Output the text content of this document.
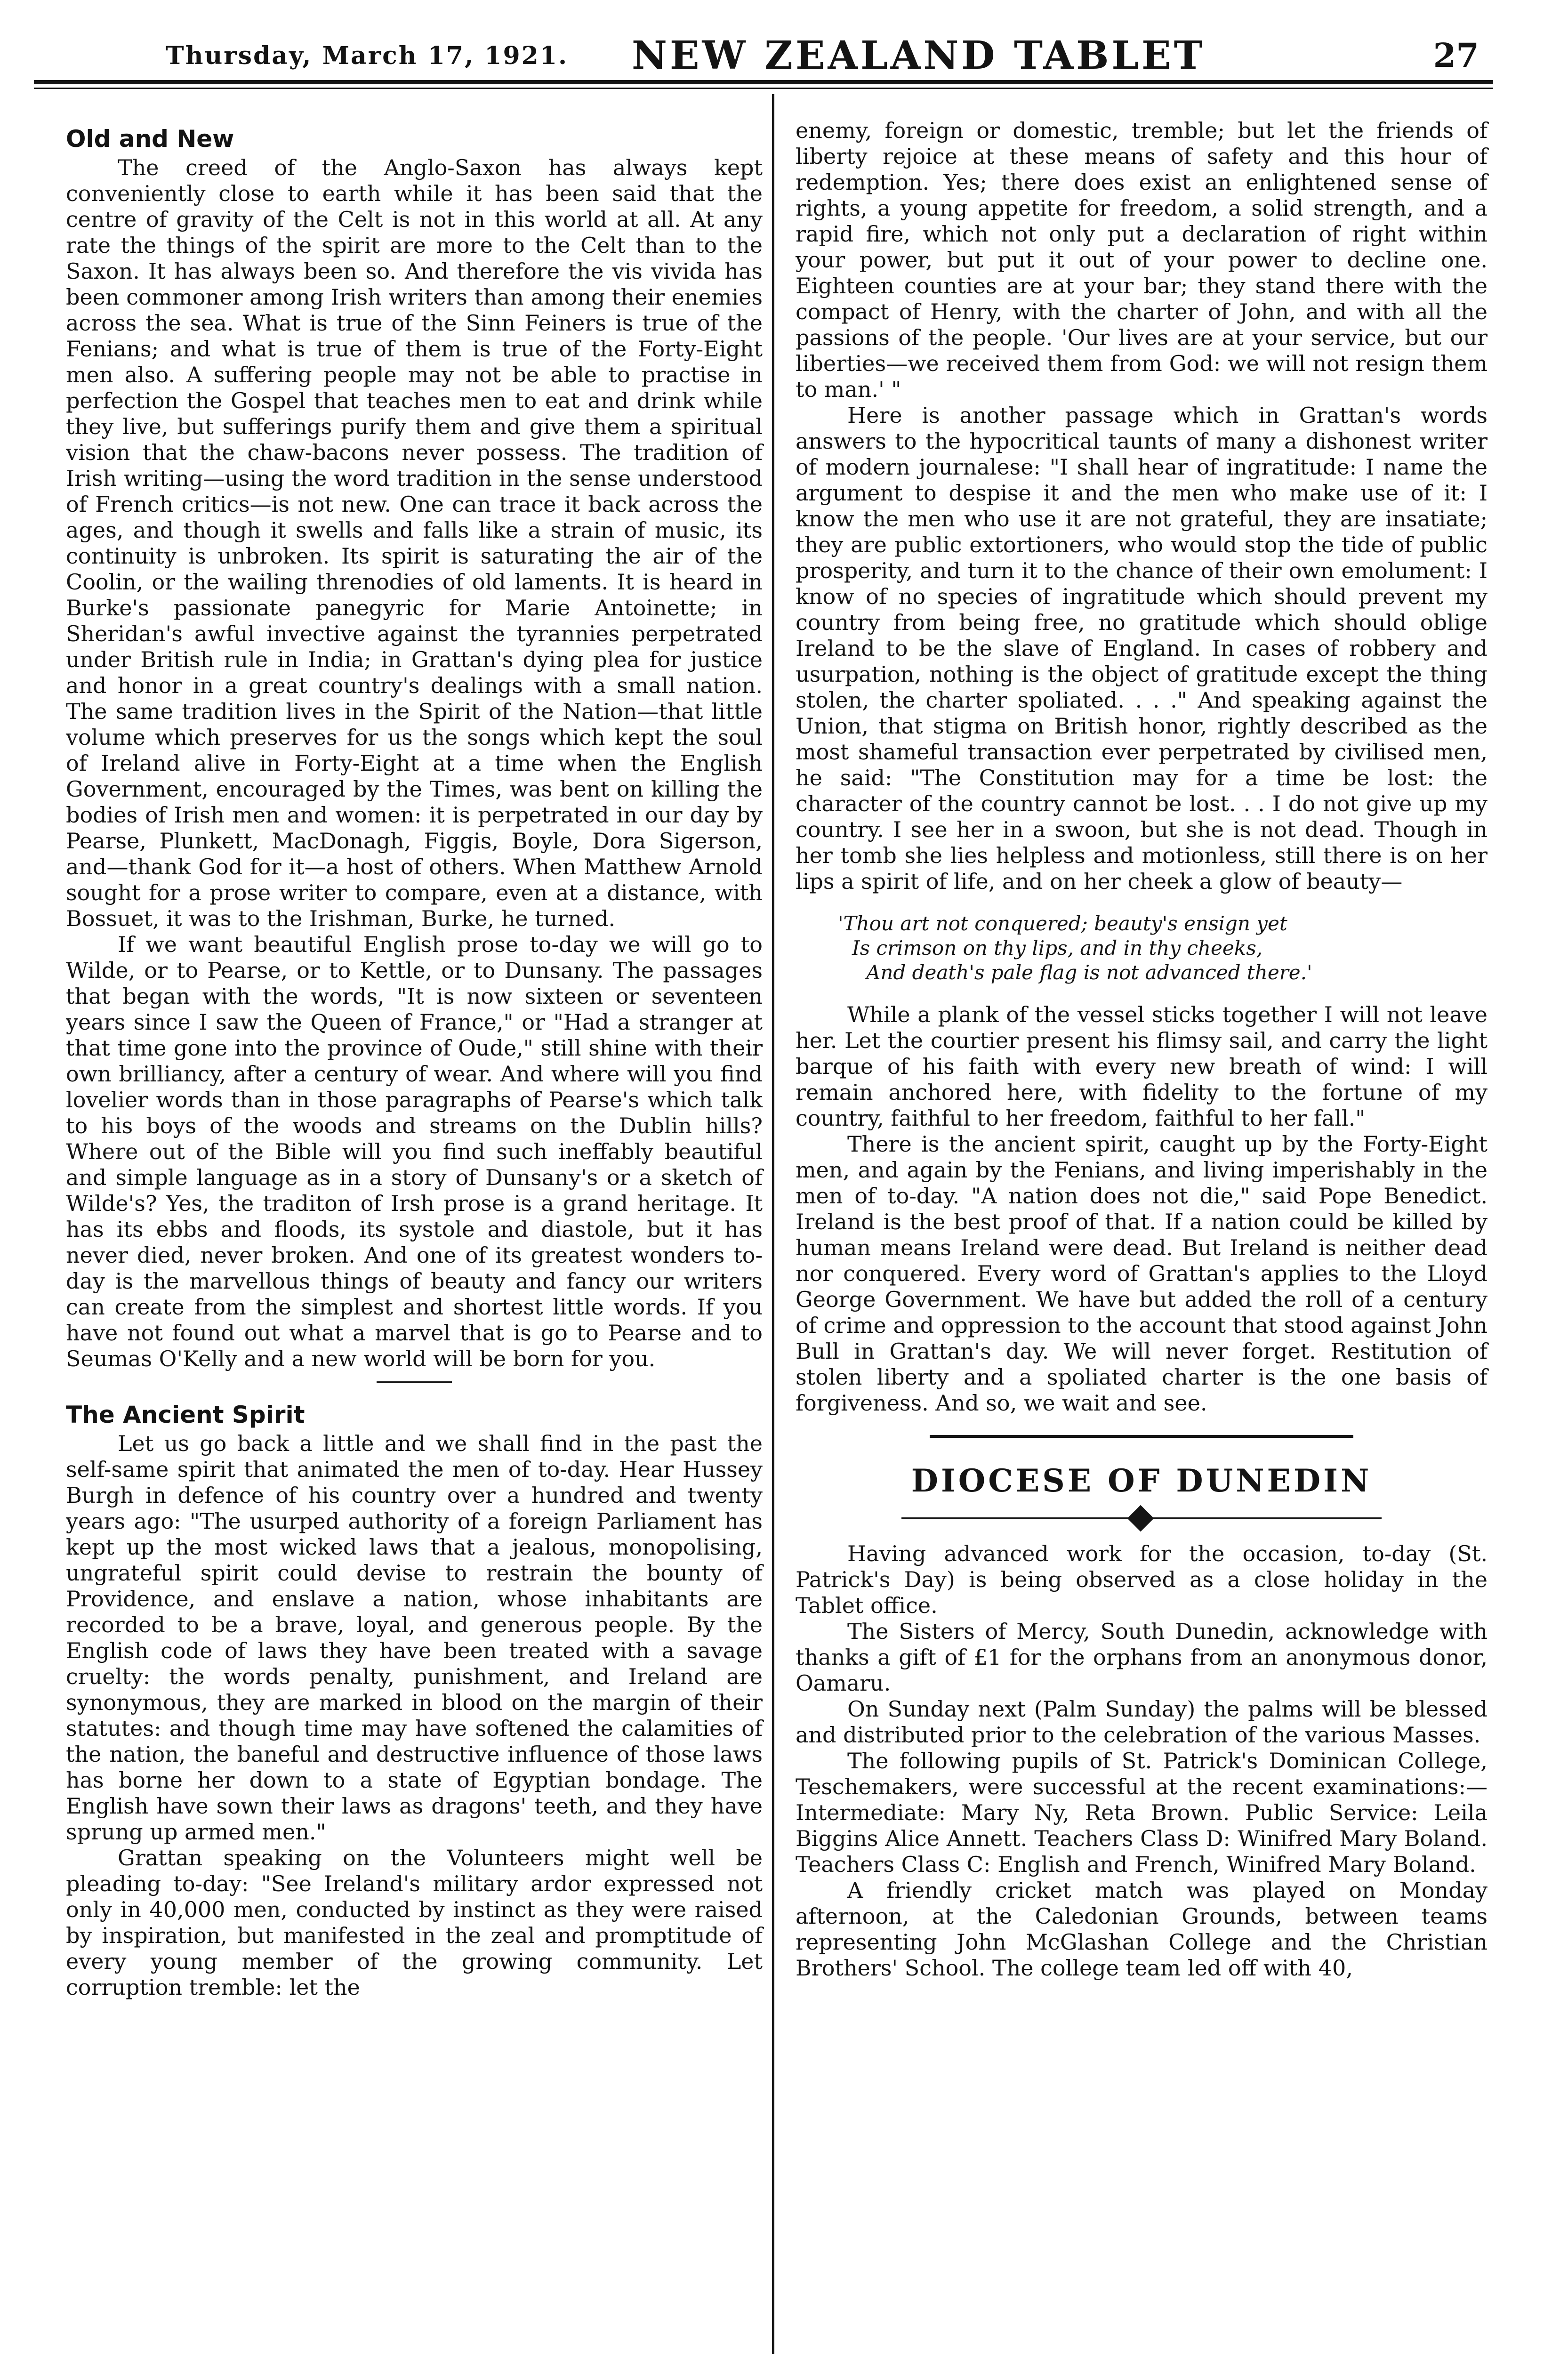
Thursday, March 17, 1921. NEW ZEALAND TABLET	27
Old and New

The creed of the Anglo-Saxon has always kept conveniently close to earth while it has been said that the centre of gravity of the Celt is not in this world at all. At any rate the things of the spirit are more to the Celt than to the Saxon. It has always been so. And therefore the vis vivida has been commoner among Irish writers than among their enemies across the sea. What is true of the Sinn Feiners is true of the Fenians; and what is true of them is true of the Forty-Eight men also. A suffering people may not be able to practise in perfection the Gospel that teaches men to eat and drink while they live, but sufferings purify them and give them a spiritual vision that the chaw-bacons never possess. The tradition of Irish writing—using the word tradition in the sense understood of French critics—is not new. One can trace it back across the ages, and though it swells and falls like a strain of music, its continuity is unbroken. Its spirit is saturating the air of the Coolin, or the wailing threnodies of old laments. It is heard in Burke's passionate panegyric for Marie Antoinette; in Sheridan's awful invective against the tyrannies perpetrated under British rule in India; in Grattan's dying plea for justice and honor in a great country's dealings with a small nation. The same tradition lives in the Spirit of the Nation—that little volume which preserves for us the songs which kept the soul of Ireland alive in Forty-Eight at a time when the English Government, encouraged by the Times, was bent on killing the bodies of Irish men and women: it is perpetrated in our day by Pearse, Plunkett, MacDonagh, Figgis, Boyle, Dora Sigerson, and—thank God for it—a host of others. When Matthew Arnold sought for a prose writer to compare, even at a distance, with Bossuet, it was to the Irishman, Burke, he turned.

If we want beautiful English prose to-day we will go to Wilde, or to Pearse, or to Kettle, or to Dunsany. The passages that began with the words, "It is now sixteen or seventeen years since I saw the Queen of France," or "Had a stranger at that time gone into the province of Oude," still shine with their own brilliancy, after a century of wear. And where will you find lovelier words than in those paragraphs of Pearse's which talk to his boys of the woods and streams on the Dublin hills? Where out of the Bible will you find such ineffably beautiful and simple language as in a story of Dunsany's or a sketch of Wilde's? Yes, the traditon of Irsh prose is a grand heritage. It has its ebbs and floods, its systole and diastole, but it has never died, never broken. And one of its greatest wonders to-day is the marvellous things of beauty and fancy our writers can create from the simplest and shortest little words. If you have not found out what a marvel that is go to Pearse and to Seumas O'Kelly and a new world will be born for you.

The Ancient Spirit

Let us go back a little and we shall find in the past the self-same spirit that animated the men of to-day. Hear Hussey Burgh in defence of his country over a hundred and twenty years ago: "The usurped authority of a foreign Parliament has kept up the most wicked laws that a jealous, monopolising, ungrateful spirit could devise to restrain the bounty of Providence, and enslave a nation, whose inhabitants are recorded to be a brave, loyal, and generous people. By the English code of laws they have been treated with a savage cruelty: the words penalty, punishment, and Ireland are synonymous, they are marked in blood on the margin of their statutes: and though time may have softened the calamities of the nation, the baneful and destructive influence of those laws has borne her down to a state of Egyptian bondage. The English have sown their laws as dragons' teeth, and they have sprung up armed men."

Grattan speaking on the Volunteers might well be pleading to-day: "See Ireland's military ardor expressed not only in 40,000 men, conducted by instinct as they were raised by inspiration, but manifested in the zeal and promptitude of every young member of the growing community. Let corruption tremble: let the

enemy, foreign or domestic, tremble; but let the friends of liberty rejoice at these means of safety and this hour of redemption. Yes; there does exist an enlightened sense of rights, a young appetite for freedom, a solid strength, and a rapid fire, which not only put a declaration of right within your power, but put it out of your power to decline one. Eighteen counties are at your bar; they stand there with the compact of Henry, with the charter of John, and with all the passions of the people. 'Our lives are at your service, but our liberties—we received them from God: we will not resign them to man.' "

Here is another passage which in Grattan's words answers to the hypocritical taunts of many a dishonest writer of modern journalese: "I shall hear of ingratitude: I name the argument to despise it and the men who make use of it: I know the men who use it are not grateful, they are insatiate; they are public extortioners, who would stop the tide of public prosperity, and turn it to the chance of their own emolument: I know of no species of ingratitude which should prevent my country from being free, no gratitude which should oblige Ireland to be the slave of England. In cases of robbery and usurpation, nothing is the object of gratitude except the thing stolen, the charter spoliated. . . ." And speaking against the Union, that stigma on British honor, rightly described as the most shameful transaction ever perpetrated by civilised men, he said: "The Constitution may for a time be lost: the character of the country cannot be lost. . . I do not give up my country. I see her in a swoon, but she is not dead. Though in her tomb she lies helpless and motionless, still there is on her lips a spirit of life, and on her cheek a glow of beauty—

'Thou art not conquered; beauty's ensign yet
Is crimson on thy lips, and in thy cheeks,
And death's pale flag is not advanced there.'

While a plank of the vessel sticks together I will not leave her. Let the courtier present his flimsy sail, and carry the light barque of his faith with every new breath of wind: I will remain anchored here, with fidelity to the fortune of my country, faithful to her freedom, faithful to her fall."

There is the ancient spirit, caught up by the Forty-Eight men, and again by the Fenians, and living imperishably in the men of to-day. "A nation does not die," said Pope Benedict. Ireland is the best proof of that. If a nation could be killed by human means Ireland were dead. But Ireland is neither dead nor conquered. Every word of Grattan's applies to the Lloyd George Government. We have but added the roll of a century of crime and oppression to the account that stood against John Bull in Grattan's day. We will never forget. Restitution of stolen liberty and a spoliated charter is the one basis of forgiveness. And so, we wait and see.

DIOCESE OF DUNEDIN

Having advanced work for the occasion, to-day (St. Patrick's Day) is being observed as a close holiday in the Tablet office.

The Sisters of Mercy, South Dunedin, acknowledge with thanks a gift of £1 for the orphans from an anonymous donor, Oamaru.

On Sunday next (Palm Sunday) the palms will be blessed and distributed prior to the celebration of the various Masses.

The following pupils of St. Patrick's Dominican College, Teschemakers, were successful at the recent examinations:—Intermediate: Mary Ny, Reta Brown. Public Service: Leila Biggins Alice Annett. Teachers Class D: Winifred Mary Boland. Teachers Class C: English and French, Winifred Mary Boland.

A friendly cricket match was played on Monday afternoon, at the Caledonian Grounds, between teams representing John McGlashan College and the Christian Brothers' School. The college team led off with 40,
